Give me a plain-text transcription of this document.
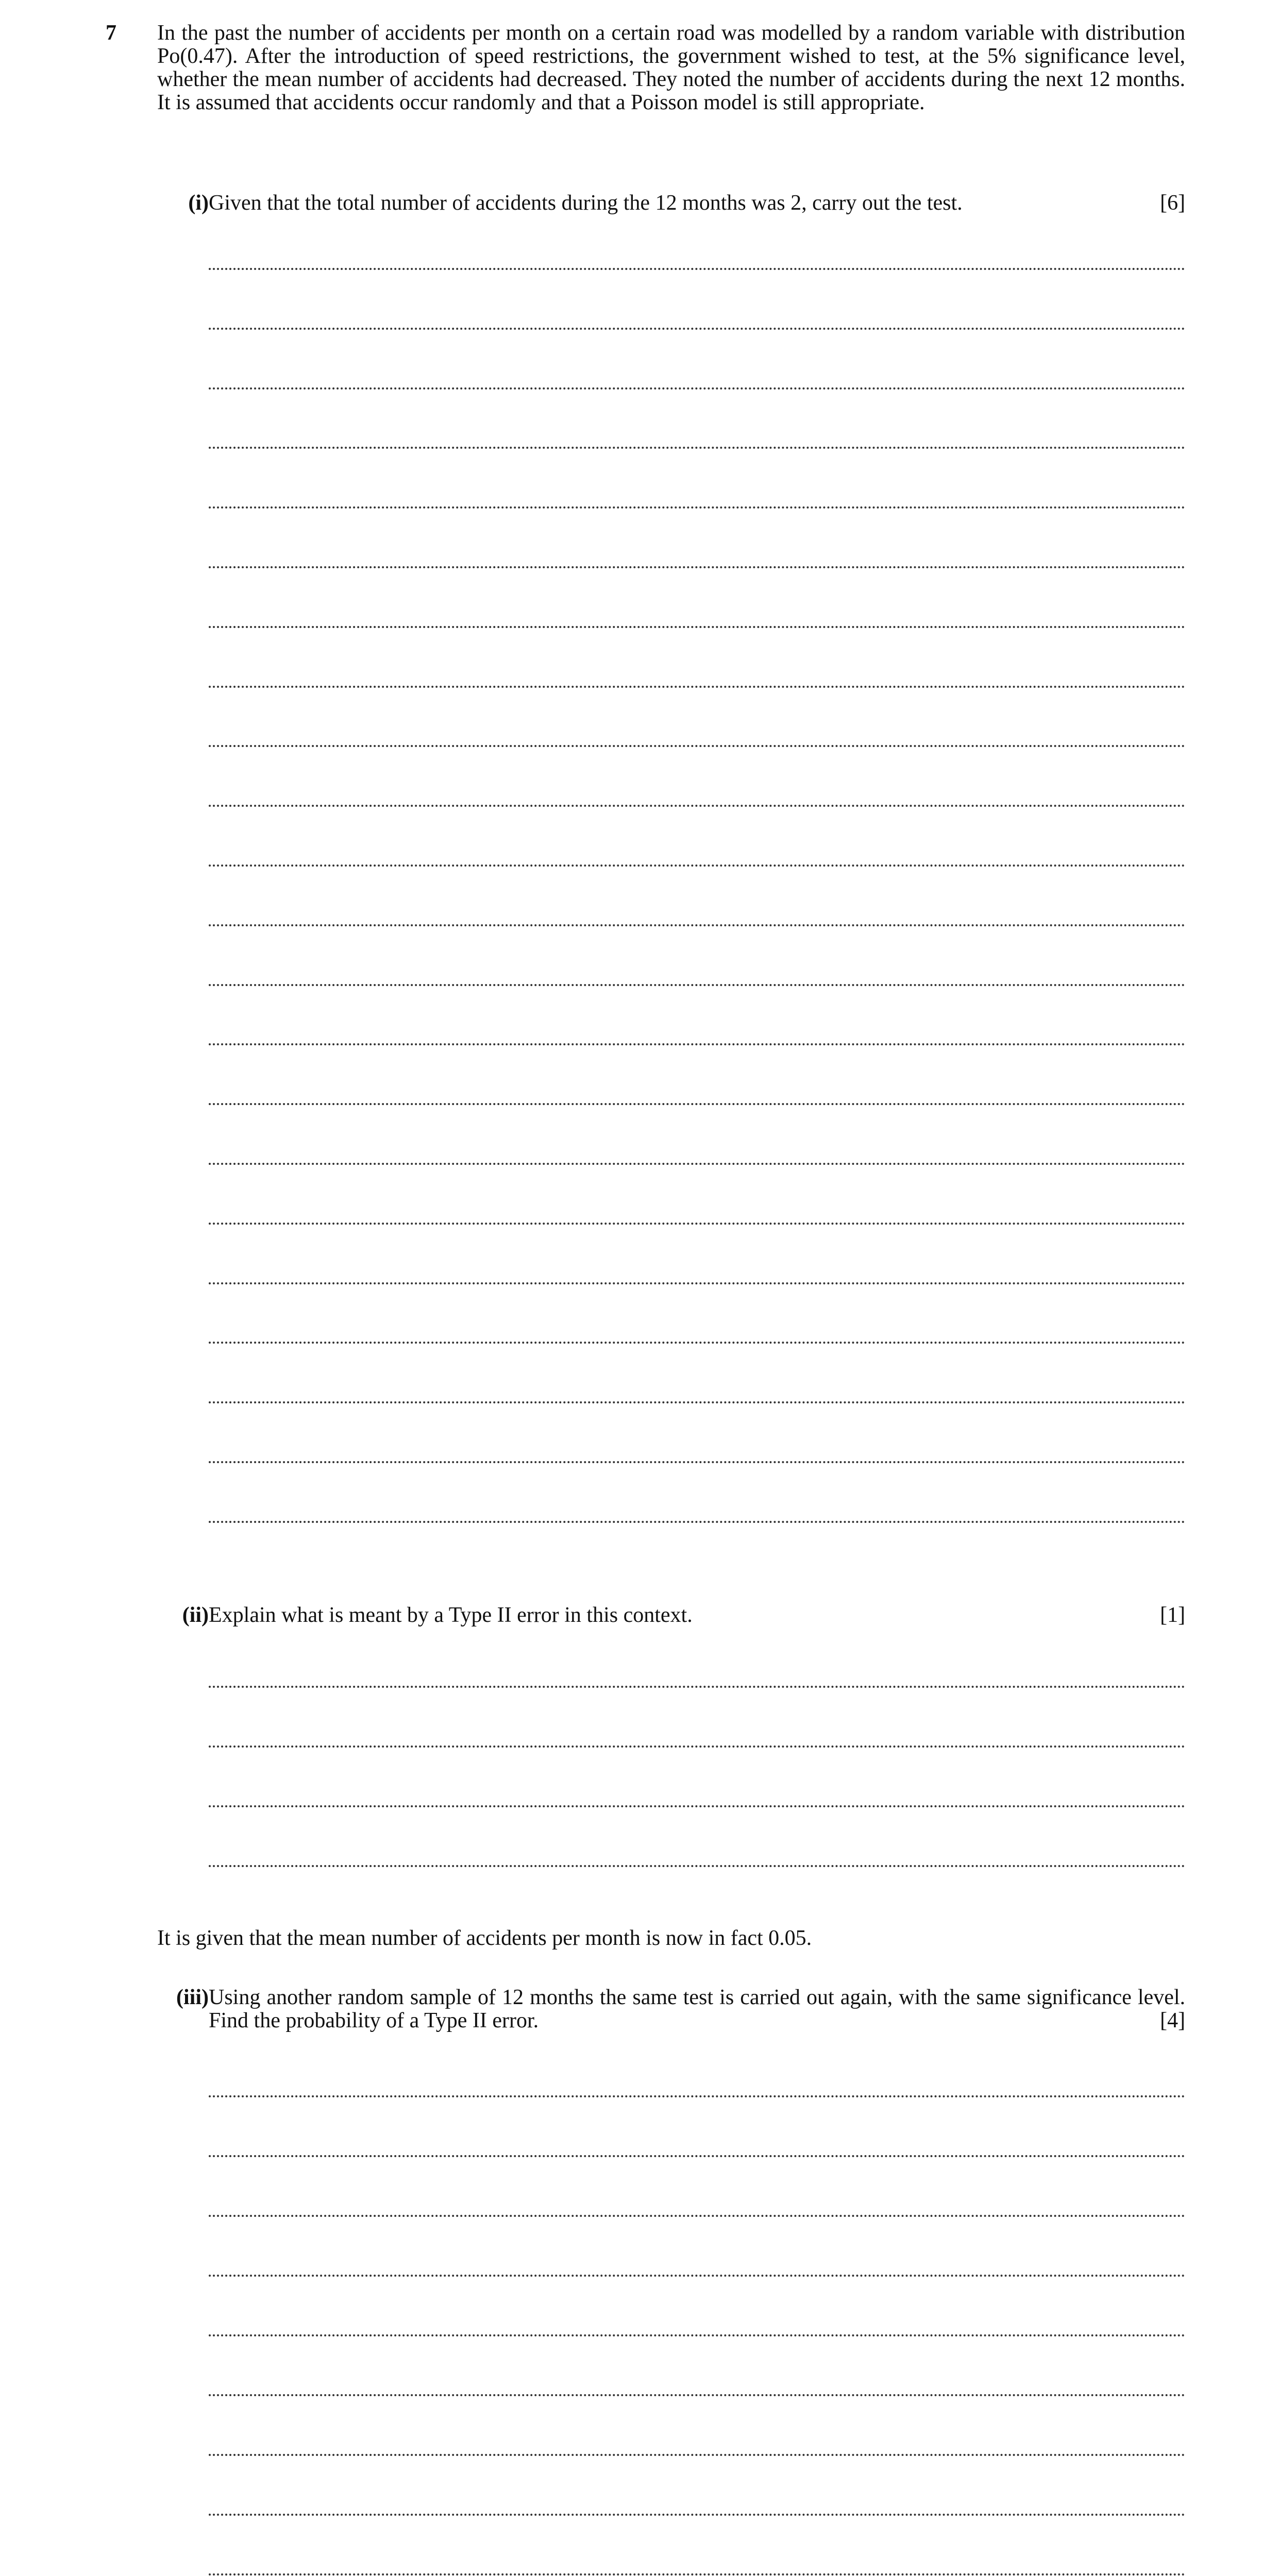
7 In the past the number of accidents per month on a certain road was modelled by a random variable with distribution Po(0.47). After the introduction of speed restrictions, the government wished to test, at the 5% significance level, whether the mean number of accidents had decreased. They noted the number of accidents during the next 12 months. It is assumed that accidents occur randomly and that a Poisson model is still appropriate.
(i) Given that the total number of accidents during the 12 months was 2, carry out the test.	[6]
(ii) Explain what is meant by a Type II error in this context.	[1]
It is given that the mean number of accidents per month is now in fact 0.05.
(iii) Using another random sample of 12 months the same test is carried out again, with the same significance level. Find the probability of a Type II error.	[4]
